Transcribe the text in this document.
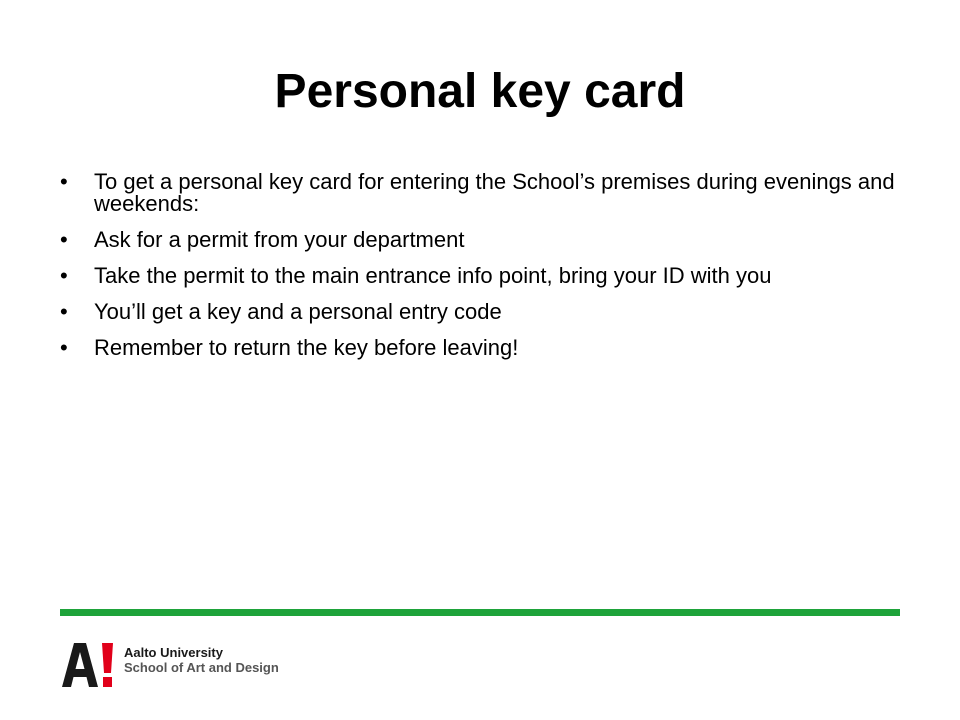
Personal key card
•	To get a personal key card for entering the School’s premises during evenings and weekends:
•	Ask for a permit from your department
•	Take the permit to the main entrance info point, bring your ID with you
•	You’ll get a key and a personal entry code
•	Remember to return the key before leaving!
Aalto University
School of Art and Design
